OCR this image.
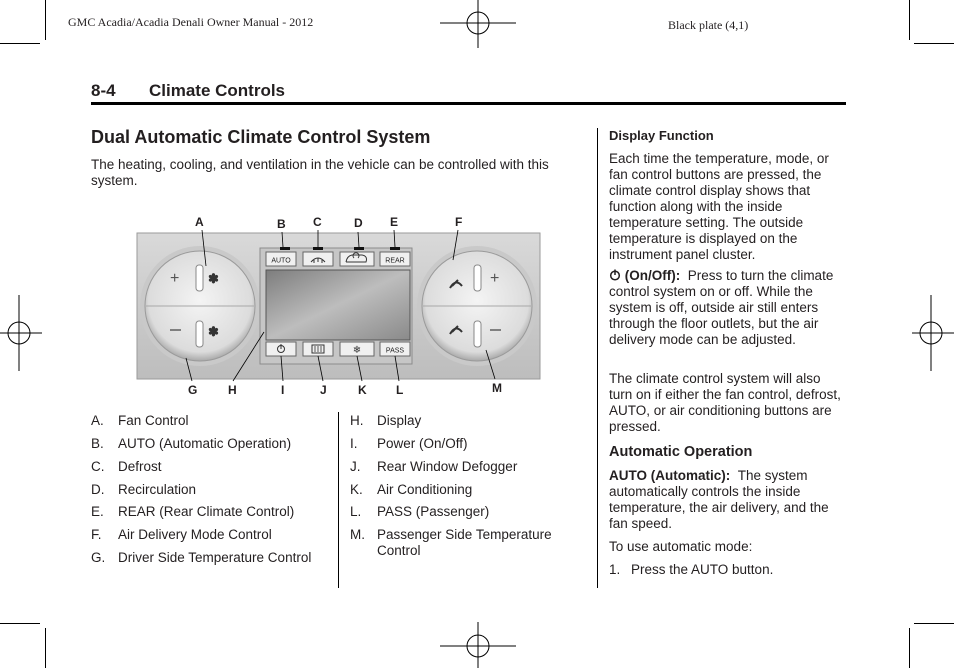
GMC Acadia/Acadia Denali Owner Manual - 2012	Black plate (4,1)
8-4 Climate Controls
Dual Automatic Climate Control System
The heating, cooling, and ventilation in the vehicle can be controlled with this system.
+ ✽
✽
+
AUTO	REAR
❄	PASS
A	B C	D E	F
G	H	I	J	K L	M
A. Fan Control
B. AUTO (Automatic Operation)
C. Defrost
D. Recirculation
E. REAR (Rear Climate Control)
F. Air Delivery Mode Control
G. Driver Side Temperature Control
H. Display
I. Power (On/Off)
J. Rear Window Defogger
K. Air Conditioning
L. PASS (Passenger)
M. Passenger Side Temperature
Control
Display Function
Each time the temperature, mode, or fan control buttons are pressed, the climate control display shows that function along with the inside temperature setting. The outside temperature is displayed on the instrument panel cluster.
(On/Off): Press to turn the climate control system on or off. While the system is off, outside air still enters through the floor outlets, but the air delivery mode can be adjusted.
The climate control system will also turn on if either the fan control, defrost, AUTO, or air conditioning buttons are pressed.
Automatic Operation
AUTO (Automatic): The system automatically controls the inside temperature, the air delivery, and the fan speed.
To use automatic mode:
1. Press the AUTO button.
